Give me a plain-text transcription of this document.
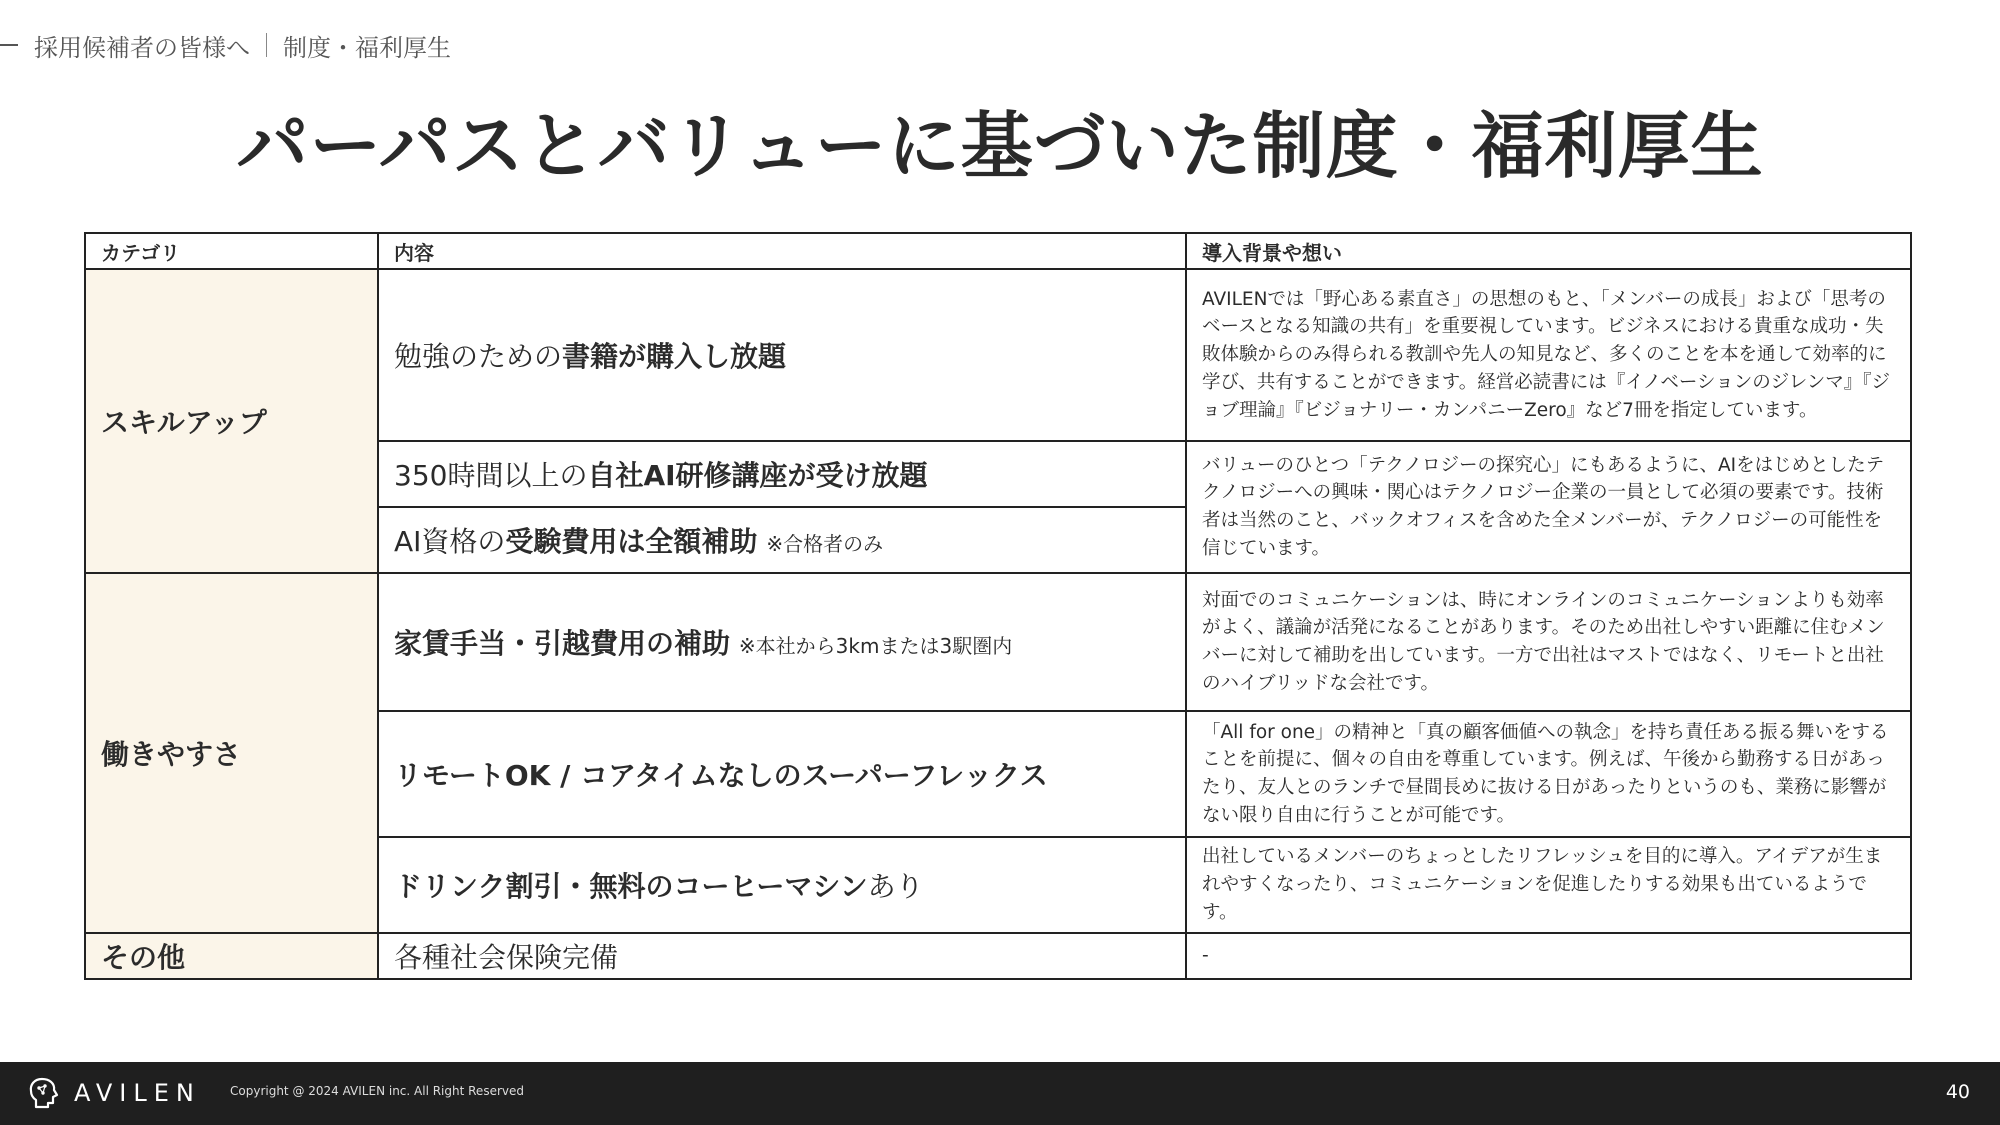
採用候補者の皆様へ 制度・福利厚生
パーパスとバリューに基づいた制度・福利厚生
カテゴリ	内容	導入背景や想い
スキルアップ	勉強のための書籍が購入し放題	AVILENでは「野心ある素直さ」の思想のもと、「メンバーの成長」および「思考のベースとなる知識の共有」を重要視しています。ビジネスにおける貴重な成功・失敗体験からのみ得られる教訓や先人の知見など、多くのことを本を通して効率的に学び、共有することができます。経営必読書には『イノベーションのジレンマ』『ジョブ理論』『ビジョナリー・カンパニーZero』など7冊を指定しています。
	350時間以上の自社AI研修講座が受け放題	バリューのひとつ「テクノロジーの探究心」にもあるように、AIをはじめとしたテクノロジーへの興味・関心はテクノロジー企業の一員として必須の要素です。技術者は当然のこと、バックオフィスを含めた全メンバーが、テクノロジーの可能性を信じています。
	AI資格の受験費用は全額補助 ※合格者のみ	
働きやすさ	家賃手当・引越費用の補助 ※本社から3kmまたは3駅圏内	対面でのコミュニケーションは、時にオンラインのコミュニケーションよりも効率がよく、議論が活発になることがあります。そのため出社しやすい距離に住むメンバーに対して補助を出しています。一方で出社はマストではなく、リモートと出社のハイブリッドな会社です。
	リモートOK / コアタイムなしのスーパーフレックス	「All for one」の精神と「真の顧客価値への執念」を持ち責任ある振る舞いをすることを前提に、個々の自由を尊重しています。例えば、午後から勤務する日があったり、友人とのランチで昼間長めに抜ける日があったりというのも、業務に影響がない限り自由に行うことが可能です。
	ドリンク割引・無料のコーヒーマシンあり	出社しているメンバーのちょっとしたリフレッシュを目的に導入。アイデアが生まれやすくなったり、コミュニケーションを促進したりする効果も出ているようです。
その他	各種社会保険完備	-
AVILEN Copyright @ 2024 AVILEN inc. All Right Reserved	40
